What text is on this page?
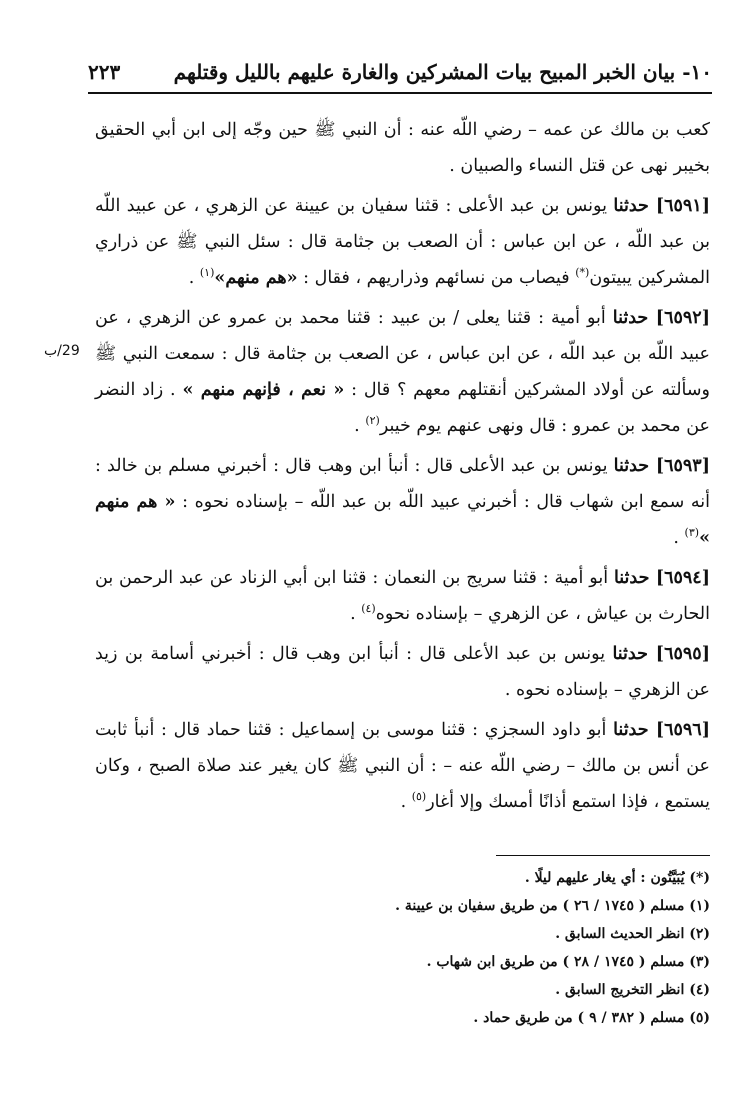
١٠- بيان الخبر المبيح بيات المشركين والغارة عليهم بالليل وقتلهم
٢٢٣
29/ب

كعب بن مالك عن عمه – رضي اللّه عنه : أن النبي ﷺ حين وجّه إلى ابن أبي الحقيق بخيبر نهى عن قتل النساء والصبيان .

[٦٥٩١] حدثنا يونس بن عبد الأعلى : قثنا سفيان بن عيينة عن الزهري ، عن عبيد اللّه بن عبد اللّه ، عن ابن عباس : أن الصعب بن جثامة قال : سئل النبي ﷺ عن ذراري المشركين يبيتون(*) فيصاب من نسائهم وذراريهم ، فقال : «هم منهم»$^{(١)}$ .

[٦٥٩٢] حدثنا أبو أمية : قثنا يعلى / بن عبيد : قثنا محمد بن عمرو عن الزهري ، عن عبيد اللّه بن عبد اللّه ، عن ابن عباس ، عن الصعب بن جثامة قال : سمعت النبي ﷺ وسألته عن أولاد المشركين أنقتلهم معهم ؟ قال : « نعم ، فإنهم منهم » . زاد النضر عن محمد بن عمرو : قال ونهى عنهم يوم خيبر$^{(٢)}$ .

[٦٥٩٣] حدثنا يونس بن عبد الأعلى قال : أنبأ ابن وهب قال : أخبرني مسلم بن خالد : أنه سمع ابن شهاب قال : أخبرني عبيد اللّه بن عبد اللّه – بإسناده نحوه : « هم منهم »$^{(٣)}$ .

[٦٥٩٤] حدثنا أبو أمية : قثنا سريج بن النعمان : قثنا ابن أبي الزناد عن عبد الرحمن بن الحارث بن عياش ، عن الزهري – بإسناده نحوه$^{(٤)}$ .

[٦٥٩٥] حدثنا يونس بن عبد الأعلى قال : أنبأ ابن وهب قال : أخبرني أسامة بن زيد عن الزهري – بإسناده نحوه .

[٦٥٩٦] حدثنا أبو داود السجزي : قثنا موسى بن إسماعيل : قثنا حماد قال : أنبأ ثابت عن أنس بن مالك – رضي اللّه عنه – : أن النبي ﷺ كان يغير عند صلاة الصبح ، وكان يستمع ، فإذا استمع أذانًا أمسك وإلا أغار$^{(٥)}$ .

(*) يُبَيَّتُون : أي يغار عليهم ليلًا .
(١) مسلم ( ١٧٤٥ / ٢٦ ) من طريق سفيان بن عيينة .
(٢) انظر الحديث السابق .
(٣) مسلم ( ١٧٤٥ / ٢٨ ) من طريق ابن شهاب .
(٤) انظر التخريج السابق .
(٥) مسلم ( ٣٨٢ / ٩ ) من طريق حماد .
